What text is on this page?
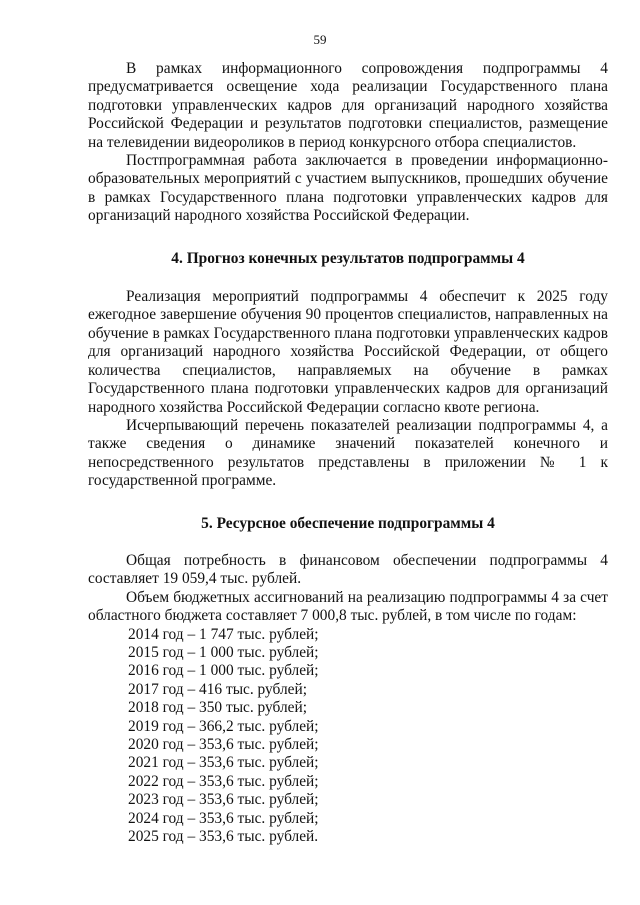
59

В рамках информационного сопровождения подпрограммы 4 предусматривается освещение хода реализации Государственного плана подготовки управленческих кадров для организаций народного хозяйства Российской Федерации и результатов подготовки специалистов, размещение на телевидении видеороликов в период конкурсного отбора специалистов.

Постпрограммная работа заключается в проведении информационно-образовательных мероприятий с участием выпускников, прошедших обучение в рамках Государственного плана подготовки управленческих кадров для организаций народного хозяйства Российской Федерации.

4. Прогноз конечных результатов подпрограммы 4

Реализация мероприятий подпрограммы 4 обеспечит к 2025 году ежегодное завершение обучения 90 процентов специалистов, направленных на обучение в рамках Государственного плана подготовки управленческих кадров для организаций народного хозяйства Российской Федерации, от общего количества специалистов, направляемых на обучение в рамках Государственного плана подготовки управленческих кадров для организаций народного хозяйства Российской Федерации согласно квоте региона.

Исчерпывающий перечень показателей реализации подпрограммы 4, а также сведения о динамике значений показателей конечного и непосредственного результатов представлены в приложении № 1 к государственной программе.

5. Ресурсное обеспечение подпрограммы 4

Общая потребность в финансовом обеспечении подпрограммы 4 составляет 19 059,4 тыс. рублей.

Объем бюджетных ассигнований на реализацию подпрограммы 4 за счет областного бюджета составляет 7 000,8 тыс. рублей, в том числе по годам:

2014 год – 1 747 тыс. рублей;
2015 год – 1 000 тыс. рублей;
2016 год – 1 000 тыс. рублей;
2017 год – 416 тыс. рублей;
2018 год – 350 тыс. рублей;
2019 год – 366,2 тыс. рублей;
2020 год – 353,6 тыс. рублей;
2021 год – 353,6 тыс. рублей;
2022 год – 353,6 тыс. рублей;
2023 год – 353,6 тыс. рублей;
2024 год – 353,6 тыс. рублей;
2025 год – 353,6 тыс. рублей.
